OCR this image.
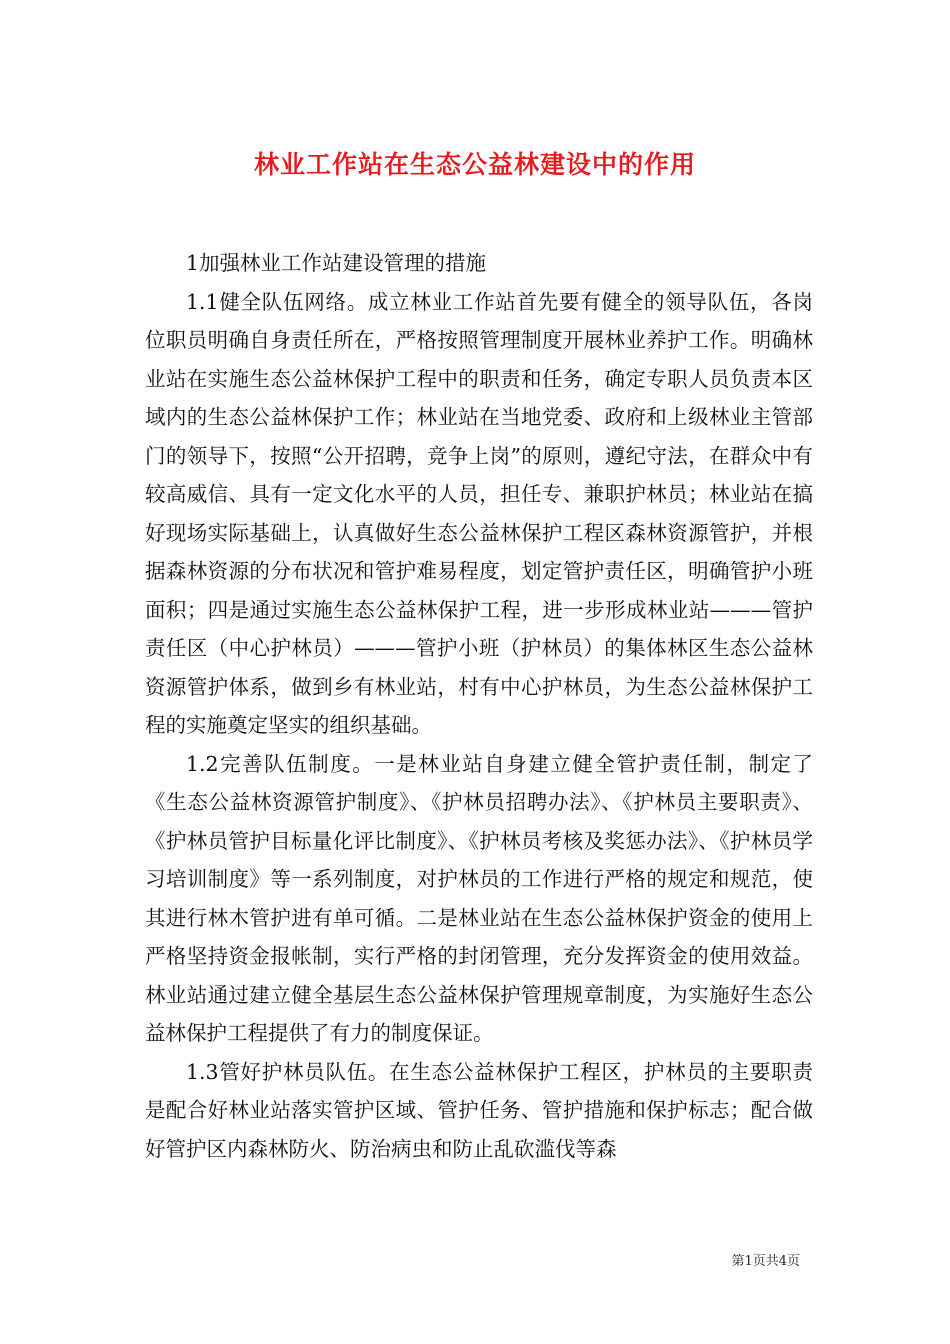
林业工作站在生态公益林建设中的作用

1加强林业工作站建设管理的措施

1.1健全队伍网络。成立林业工作站首先要有健全的领导队伍，各岗位职员明确自身责任所在，严格按照管理制度开展林业养护工作。明确林业站在实施生态公益林保护工程中的职责和任务，确定专职人员负责本区域内的生态公益林保护工作；林业站在当地党委、政府和上级林业主管部门的领导下，按照“公开招聘，竞争上岗”的原则，遵纪守法，在群众中有较高威信、具有一定文化水平的人员，担任专、兼职护林员；林业站在搞好现场实际基础上，认真做好生态公益林保护工程区森林资源管护，并根据森林资源的分布状况和管护难易程度，划定管护责任区，明确管护小班面积；四是通过实施生态公益林保护工程，进一步形成林业站———管护责任区（中心护林员）———管护小班（护林员）的集体林区生态公益林资源管护体系，做到乡有林业站，村有中心护林员，为生态公益林保护工程的实施奠定坚实的组织基础。

1.2完善队伍制度。一是林业站自身建立健全管护责任制，制定了《生态公益林资源管护制度》、《护林员招聘办法》、《护林员主要职责》、《护林员管护目标量化评比制度》、《护林员考核及奖惩办法》、《护林员学习培训制度》等一系列制度，对护林员的工作进行严格的规定和规范，使其进行林木管护进有单可循。二是林业站在生态公益林保护资金的使用上严格坚持资金报帐制，实行严格的封闭管理，充分发挥资金的使用效益。林业站通过建立健全基层生态公益林保护管理规章制度，为实施好生态公益林保护工程提供了有力的制度保证。

1.3管好护林员队伍。在生态公益林保护工程区，护林员的主要职责是配合好林业站落实管护区域、管护任务、管护措施和保护标志；配合做好管护区内森林防火、防治病虫和防止乱砍滥伐等森

第1页共4页
